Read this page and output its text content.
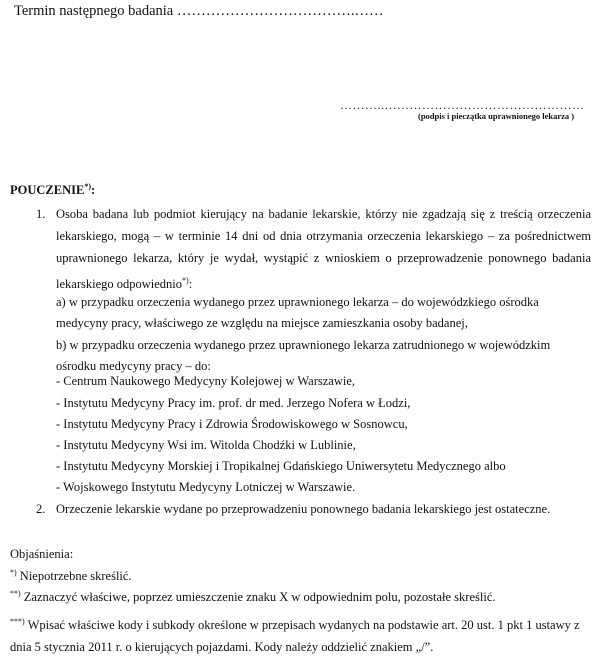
Termin następnego badania ……………………………….……
………..…………………………………………
(podpis i pieczątka uprawnionego lekarza )
POUCZENIE*):
1. Osoba badana lub podmiot kierujący na badanie lekarskie, którzy nie zgadzają się z treścią orzeczenia lekarskiego, mogą – w terminie 14 dni od dnia otrzymania orzeczenia lekarskiego – za pośrednictwem uprawnionego lekarza, który je wydał, wystąpić z wnioskiem o przeprowadzenie ponownego badania lekarskiego odpowiednio*):
a) w przypadku orzeczenia wydanego przez uprawnionego lekarza – do wojewódzkiego ośrodka medycyny pracy, właściwego ze względu na miejsce zamieszkania osoby badanej,
b) w przypadku orzeczenia wydanego przez uprawnionego lekarza zatrudnionego w wojewódzkim ośrodku medycyny pracy – do:
- Centrum Naukowego Medycyny Kolejowej w Warszawie,
- Instytutu Medycyny Pracy im. prof. dr med. Jerzego Nofera w Łodzi,
- Instytutu Medycyny Pracy i Zdrowia Środowiskowego w Sosnowcu,
- Instytutu Medycyny Wsi im. Witolda Chodźki w Lublinie,
- Instytutu Medycyny Morskiej i Tropikalnej Gdańskiego Uniwersytetu Medycznego albo
- Wojskowego Instytutu Medycyny Lotniczej w Warszawie.
2. Orzeczenie lekarskie wydane po przeprowadzeniu ponownego badania lekarskiego jest ostateczne.
Objaśnienia:
*) Niepotrzebne skreślić.
**) Zaznaczyć właściwe, poprzez umieszczenie znaku X w odpowiednim polu, pozostałe skreślić.
***) Wpisać właściwe kody i subkody określone w przepisach wydanych na podstawie art. 20 ust. 1 pkt 1 ustawy z dnia 5 stycznia 2011 r. o kierujących pojazdami. Kody należy oddzielić znakiem „/”.
